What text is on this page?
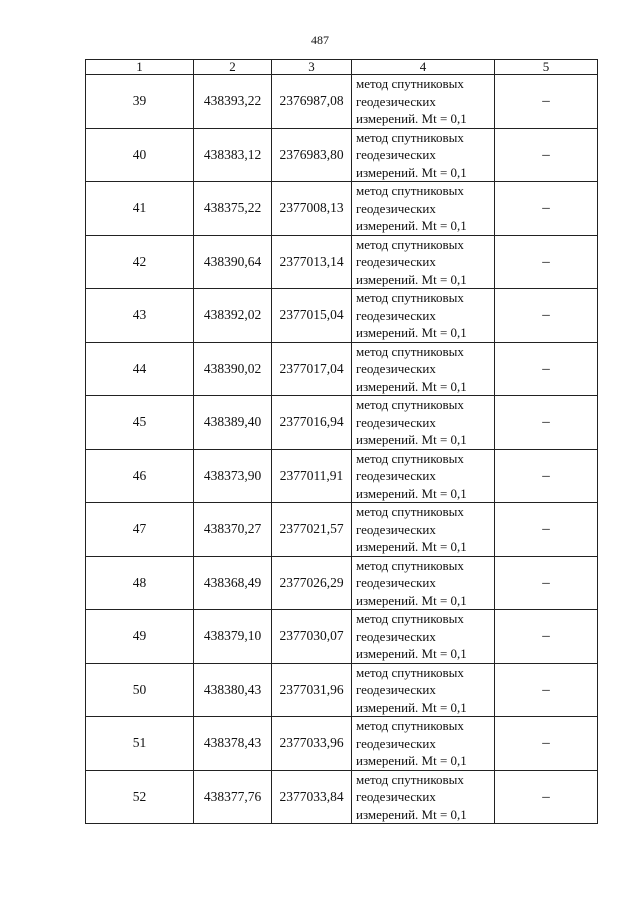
487
1	2	3	4	5
39	438393,22	2376987,08	метод спутниковых геодезических измерений. Mt = 0,1	–
40	438383,12	2376983,80	метод спутниковых геодезических измерений. Mt = 0,1	–
41	438375,22	2377008,13	метод спутниковых геодезических измерений. Mt = 0,1	–
42	438390,64	2377013,14	метод спутниковых геодезических измерений. Mt = 0,1	–
43	438392,02	2377015,04	метод спутниковых геодезических измерений. Mt = 0,1	–
44	438390,02	2377017,04	метод спутниковых геодезических измерений. Mt = 0,1	–
45	438389,40	2377016,94	метод спутниковых геодезических измерений. Mt = 0,1	–
46	438373,90	2377011,91	метод спутниковых геодезических измерений. Mt = 0,1	–
47	438370,27	2377021,57	метод спутниковых геодезических измерений. Mt = 0,1	–
48	438368,49	2377026,29	метод спутниковых геодезических измерений. Mt = 0,1	–
49	438379,10	2377030,07	метод спутниковых геодезических измерений. Mt = 0,1	–
50	438380,43	2377031,96	метод спутниковых геодезических измерений. Mt = 0,1	–
51	438378,43	2377033,96	метод спутниковых геодезических измерений. Mt = 0,1	–
52	438377,76	2377033,84	метод спутниковых геодезических измерений. Mt = 0,1	–
